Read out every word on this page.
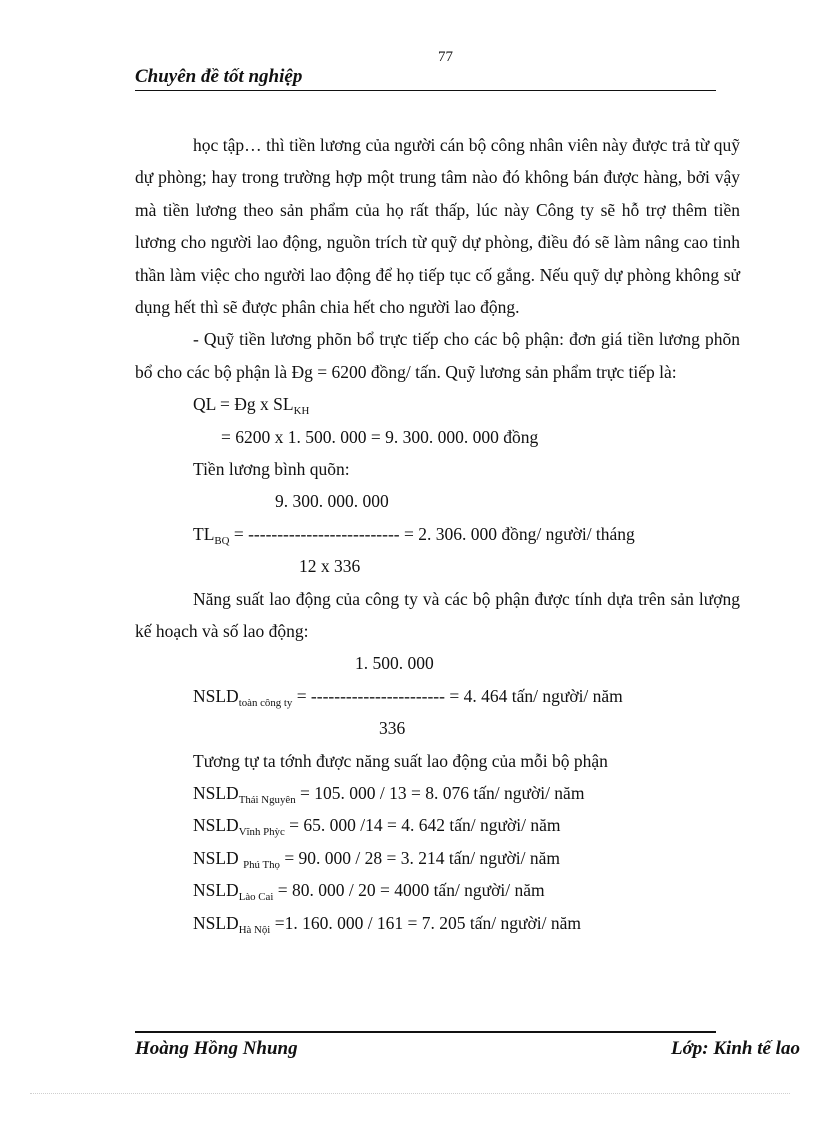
77
Chuyên đề tốt nghiệp

học tập… thì tiền lương của người cán bộ công nhân viên này được trả từ quỹ dự phòng; hay trong trường hợp một trung tâm nào đó không bán được hàng, bởi vậy mà tiền lương theo sản phẩm của họ rất thấp, lúc này Công ty sẽ hỗ trợ thêm tiền lương cho người lao động, nguồn trích từ quỹ dự phòng, điều đó sẽ làm nâng cao tinh thần làm việc cho người lao động để họ tiếp tục cố gắng. Nếu quỹ dự phòng không sử dụng hết thì sẽ được phân chia hết cho người lao động.

- Quỹ tiền lương phõn bổ trực tiếp cho các bộ phận: đơn giá tiền lương phõn bổ cho các bộ phận là Đg = 6200 đồng/ tấn. Quỹ lương sản phẩm trực tiếp là:

QL = Đg x $SL_{KH}$
= 6200 x 1. 500. 000 = 9. 300. 000. 000 đồng
Tiền lương bình quõn:
9. 300. 000. 000
$TL_{BQ}$ = -------------------------- = 2. 306. 000 đồng/ người/ tháng
12 x 336

Năng suất lao động của công ty và các bộ phận được tính dựa trên sản lượng kế hoạch và số lao động:

1. 500. 000
$NSLD_{toàn công ty}$ = ----------------------- = 4. 464 tấn/ người/ năm
336
Tương tự ta tớnh được năng suất lao động của mỗi bộ phận
$NSLD_{Thái Nguyên} = 105$. 000 / 13 = 8. 076 tấn/ người/ năm
$NSLD_{Vĩnh Phỳc} = 65$. 000 /14 = 4. 642 tấn/ người/ năm
NSLD $_{Phú Thọ}$ = 90. 000 / 28 = 3. 214 tấn/ người/ năm
$NSLD_{Lào Cai} = 80$. 000 / 20 = 4000 tấn/ người/ năm
$NSLD_{Hà Nội} =1$. 160. 000 / 161 = 7. 205 tấn/ người/ năm
Hoàng Hồng Nhung	Lớp: Kinh tế lao
